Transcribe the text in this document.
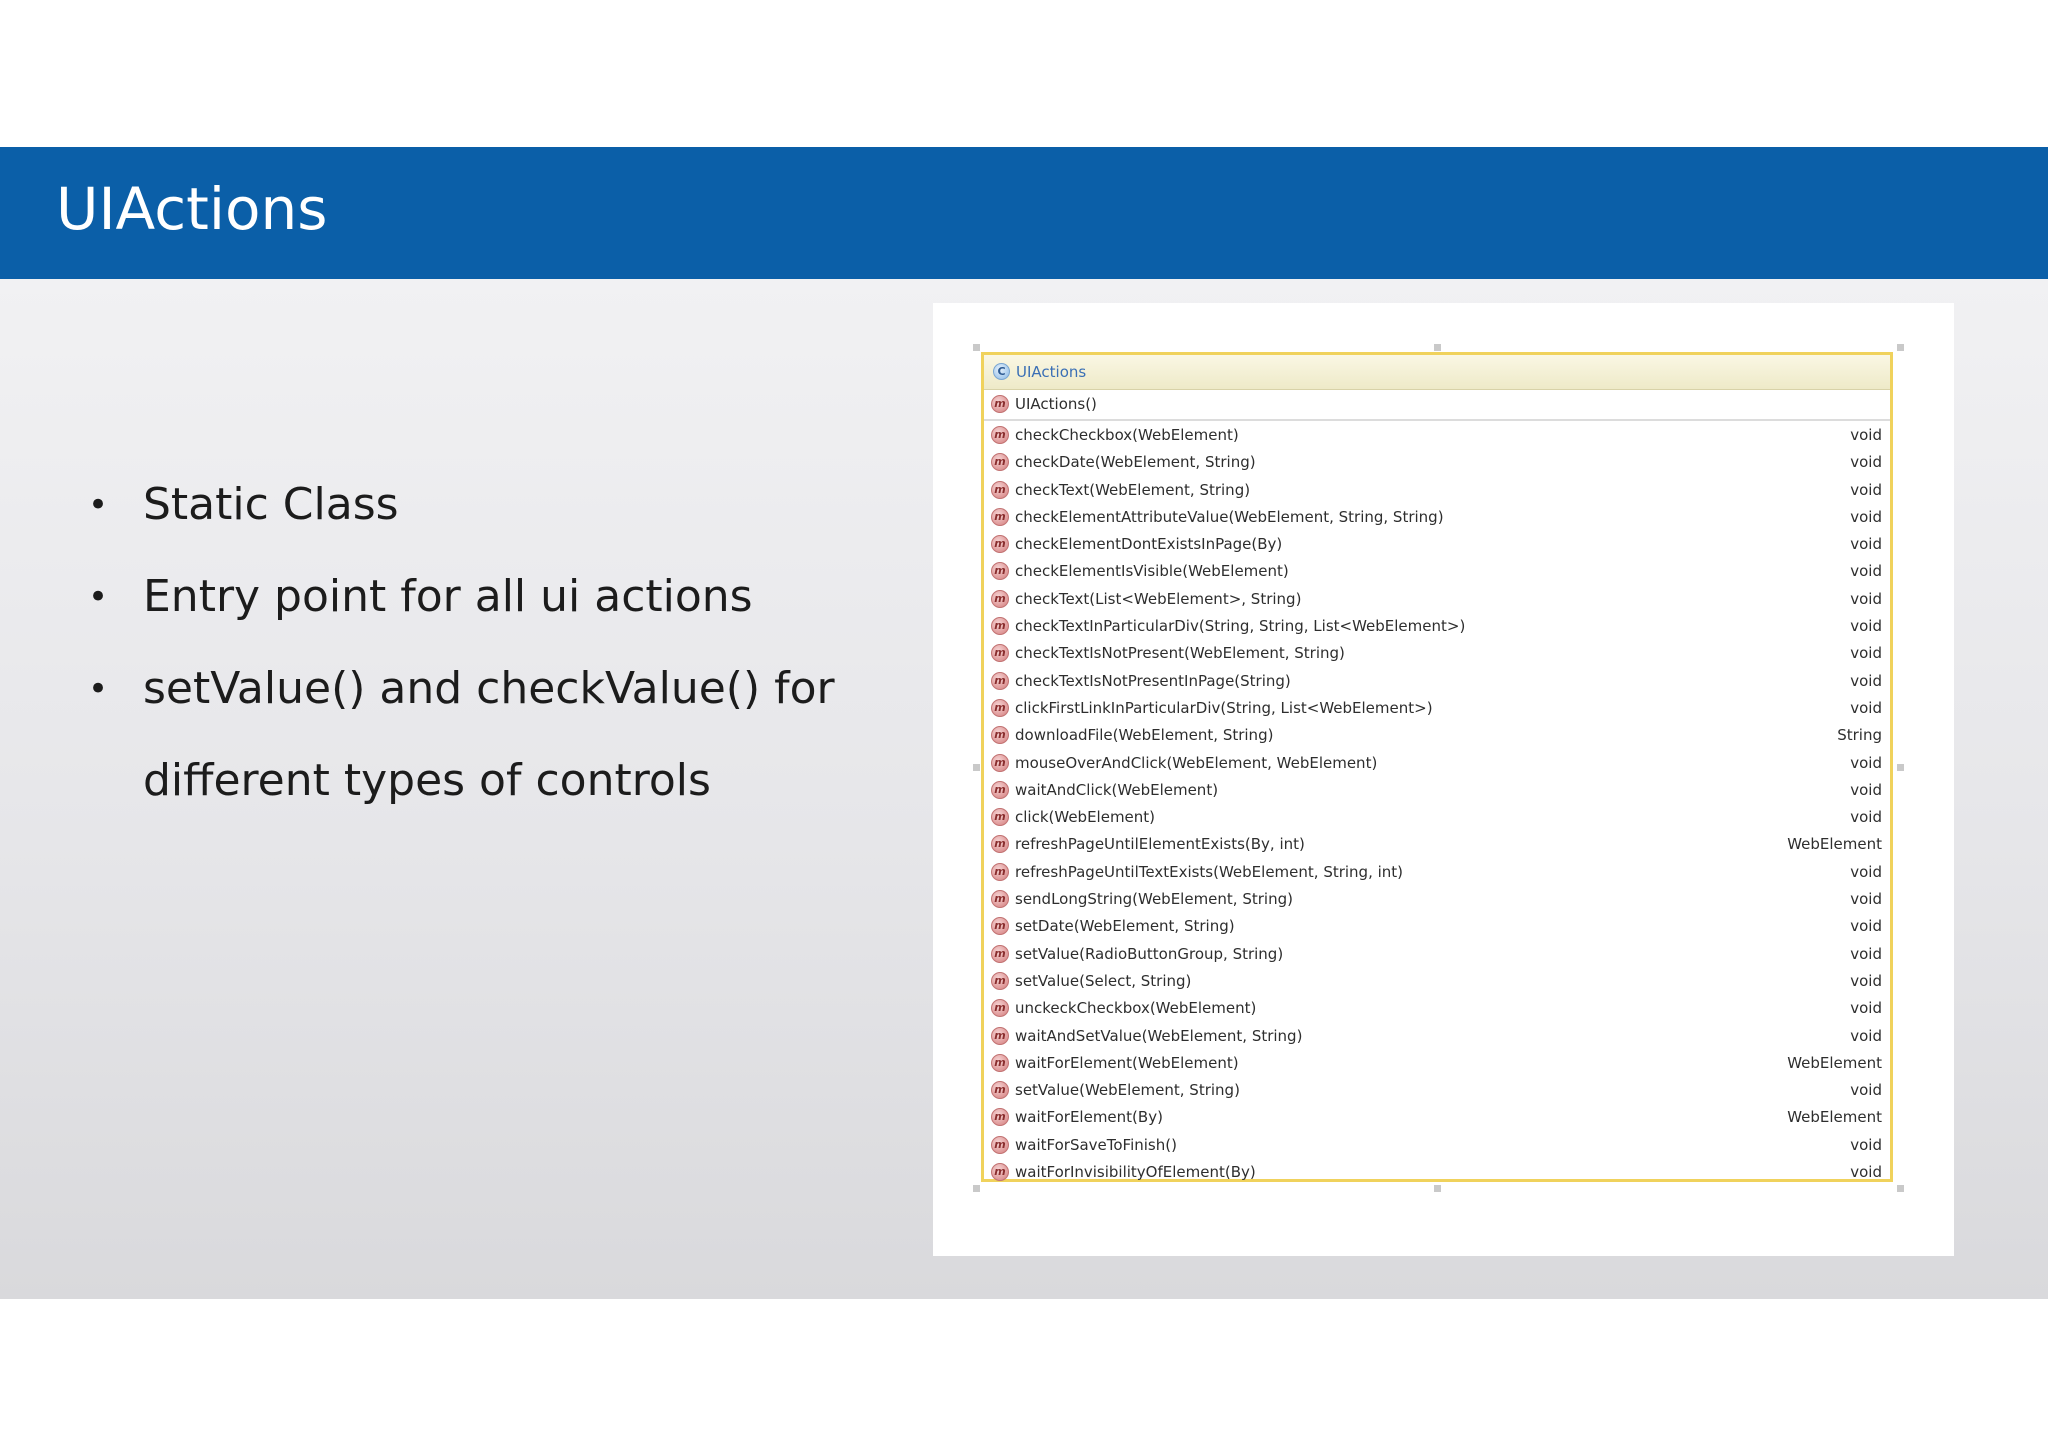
UIActions
• Static Class
• Entry point for all ui actions
• setValue() and checkValue() for different types of controls
C UIActions
m UIActions()
m checkCheckbox(WebElement)	void
m checkDate(WebElement, String)	void
m checkText(WebElement, String)	void
m checkElementAttributeValue(WebElement, String, String)	void
m checkElementDontExistsInPage(By)	void
m checkElementIsVisible(WebElement)	void
m checkText(List<WebElement>, String)	void
m checkTextInParticularDiv(String, String, List<WebElement>)	void
m checkTextIsNotPresent(WebElement, String)	void
m checkTextIsNotPresentInPage(String)	void
m clickFirstLinkInParticularDiv(String, List<WebElement>)	void
m downloadFile(WebElement, String)	String
m mouseOverAndClick(WebElement, WebElement)	void
m waitAndClick(WebElement)	void
m click(WebElement)	void
m refreshPageUntilElementExists(By, int)	WebElement
m refreshPageUntilTextExists(WebElement, String, int)	void
m sendLongString(WebElement, String)	void
m setDate(WebElement, String)	void
m setValue(RadioButtonGroup, String)	void
m setValue(Select, String)	void
m unckeckCheckbox(WebElement)	void
m waitAndSetValue(WebElement, String)	void
m waitForElement(WebElement)	WebElement
m setValue(WebElement, String)	void
m waitForElement(By)	WebElement
m waitForSaveToFinish()	void
m waitForInvisibilityOfElement(By)	void
